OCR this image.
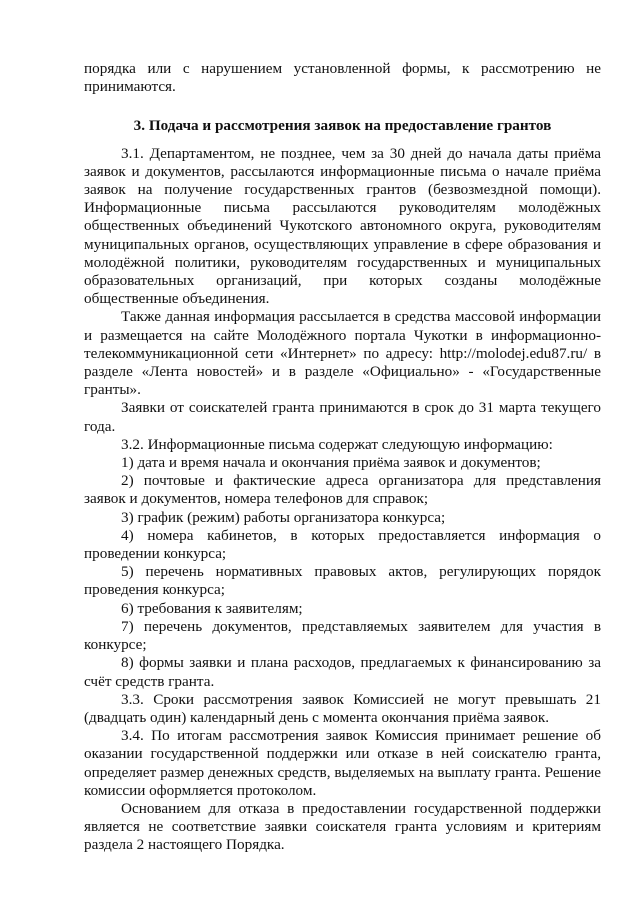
порядка или с нарушением установленной формы, к рассмотрению не принимаются.

3. Подача и рассмотрения заявок на предоставление грантов

3.1. Департаментом, не позднее, чем за 30 дней до начала даты приёма заявок и документов, рассылаются информационные письма о начале приёма заявок на получение государственных грантов (безвозмездной помощи). Информационные письма рассылаются руководителям молодёжных общественных объединений Чукотского автономного округа, руководителям муниципальных органов, осуществляющих управление в сфере образования и молодёжной политики, руководителям государственных и муниципальных образовательных организаций, при которых созданы молодёжные общественные объединения.

Также данная информация рассылается в средства массовой информации и размещается на сайте Молодёжного портала Чукотки в информационно-телекоммуникационной сети «Интернет» по адресу: http://molodej.edu87.ru/ в разделе «Лента новостей» и в разделе «Официально» - «Государственные гранты».

Заявки от соискателей гранта принимаются в срок до 31 марта текущего года.

3.2. Информационные письма содержат следующую информацию:

1) дата и время начала и окончания приёма заявок и документов;

2) почтовые и фактические адреса организатора для представления заявок и документов, номера телефонов для справок;

3) график (режим) работы организатора конкурса;

4) номера кабинетов, в которых предоставляется информация о проведении конкурса;

5) перечень нормативных правовых актов, регулирующих порядок проведения конкурса;

6) требования к заявителям;

7) перечень документов, представляемых заявителем для участия в конкурсе;

8) формы заявки и плана расходов, предлагаемых к финансированию за счёт средств гранта.

3.3. Сроки рассмотрения заявок Комиссией не могут превышать 21 (двадцать один) календарный день с момента окончания приёма заявок.

3.4. По итогам рассмотрения заявок Комиссия принимает решение об оказании государственной поддержки или отказе в ней соискателю гранта, определяет размер денежных средств, выделяемых на выплату гранта. Решение комиссии оформляется протоколом.

Основанием для отказа в предоставлении государственной поддержки является не соответствие заявки соискателя гранта условиям и критериям раздела 2 настоящего Порядка.
